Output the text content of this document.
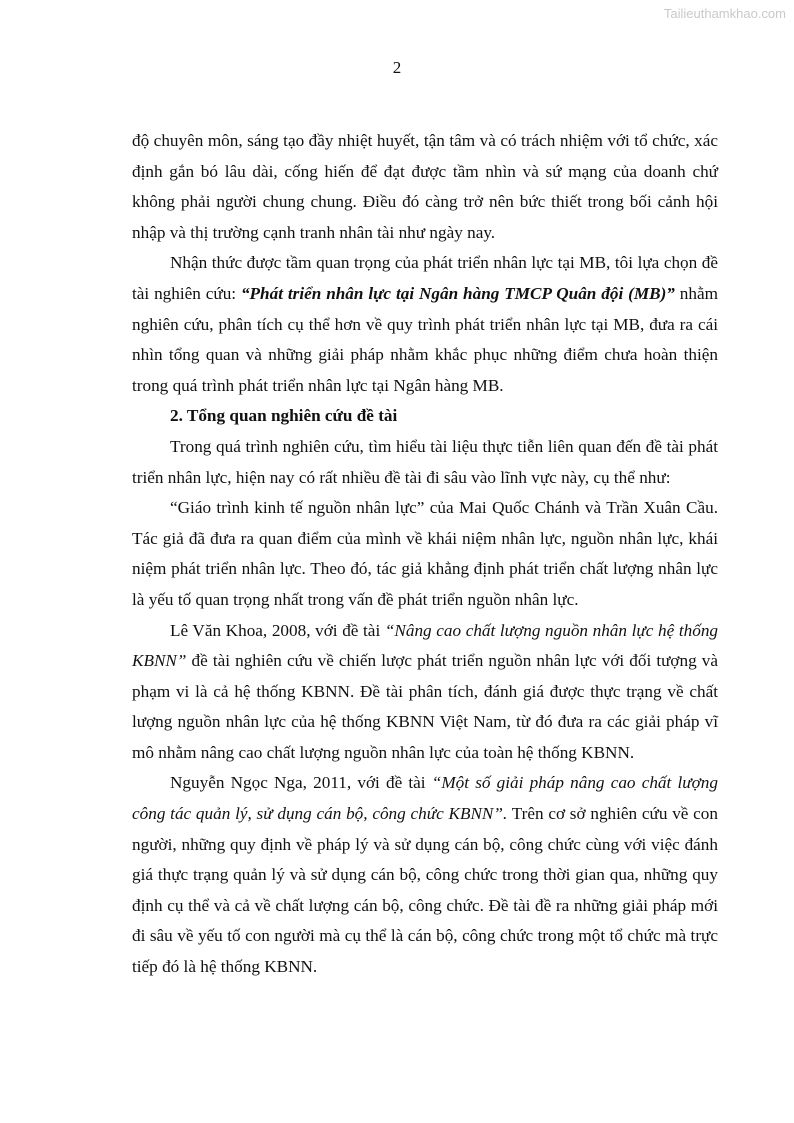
Tailieuthamkhao.com
2

độ chuyên môn, sáng tạo đầy nhiệt huyết, tận tâm và có trách nhiệm với tổ chức, xác định gắn bó lâu dài, cống hiến để đạt được tầm nhìn và sứ mạng của doanh chứ không phải người chung chung. Điều đó càng trở nên bức thiết trong bối cảnh hội nhập và thị trường cạnh tranh nhân tài như ngày nay.

Nhận thức được tầm quan trọng của phát triển nhân lực tại MB, tôi lựa chọn đề tài nghiên cứu: “Phát triển nhân lực tại Ngân hàng TMCP Quân đội (MB)” nhằm nghiên cứu, phân tích cụ thể hơn về quy trình phát triển nhân lực tại MB, đưa ra cái nhìn tổng quan và những giải pháp nhằm khắc phục những điểm chưa hoàn thiện trong quá trình phát triển nhân lực tại Ngân hàng MB.

2. Tổng quan nghiên cứu đề tài

Trong quá trình nghiên cứu, tìm hiểu tài liệu thực tiễn liên quan đến đề tài phát triển nhân lực, hiện nay có rất nhiều đề tài đi sâu vào lĩnh vực này, cụ thể như:

“Giáo trình kinh tế nguồn nhân lực” của Mai Quốc Chánh và Trần Xuân Cầu. Tác giả đã đưa ra quan điểm của mình về khái niệm nhân lực, nguồn nhân lực, khái niệm phát triển nhân lực. Theo đó, tác giả khẳng định phát triển chất lượng nhân lực là yếu tố quan trọng nhất trong vấn đề phát triển nguồn nhân lực.

Lê Văn Khoa, 2008, với đề tài “Nâng cao chất lượng nguồn nhân lực hệ thống KBNN” đề tài nghiên cứu về chiến lược phát triển nguồn nhân lực với đối tượng và phạm vi là cả hệ thống KBNN. Đề tài phân tích, đánh giá được thực trạng về chất lượng nguồn nhân lực của hệ thống KBNN Việt Nam, từ đó đưa ra các giải pháp vĩ mô nhằm nâng cao chất lượng nguồn nhân lực của toàn hệ thống KBNN.

Nguyễn Ngọc Nga, 2011, với đề tài “Một số giải pháp nâng cao chất lượng công tác quản lý, sử dụng cán bộ, công chức KBNN”. Trên cơ sở nghiên cứu về con người, những quy định về pháp lý và sử dụng cán bộ, công chức cùng với việc đánh giá thực trạng quản lý và sử dụng cán bộ, công chức trong thời gian qua, những quy định cụ thể và cả về chất lượng cán bộ, công chức. Đề tài đề ra những giải pháp mới đi sâu về yếu tố con người mà cụ thể là cán bộ, công chức trong một tổ chức mà trực tiếp đó là hệ thống KBNN.
